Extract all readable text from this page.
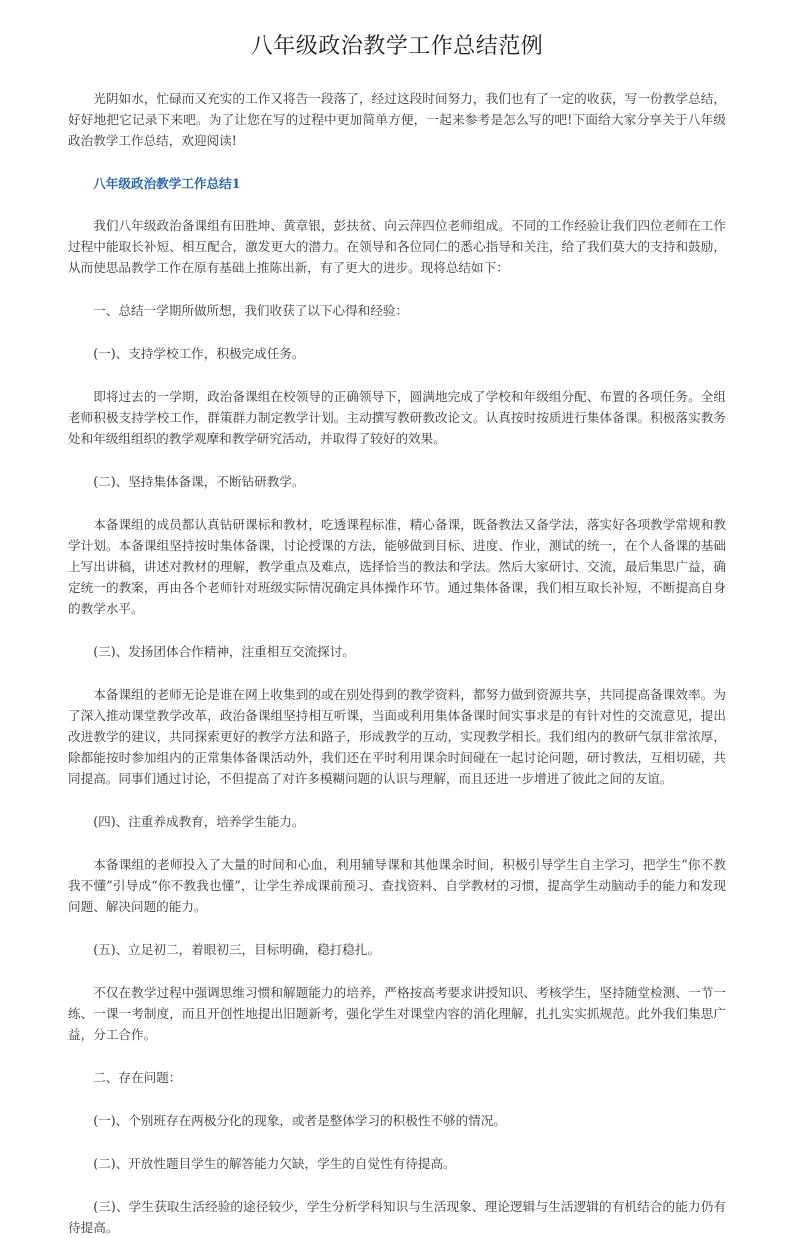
八年级政治教学工作总结范例

光阴如水，忙碌而又充实的工作又将告一段落了，经过这段时间努力，我们也有了一定的收获，写一份教学总结，好好地把它记录下来吧。为了让您在写的过程中更加简单方便，一起来参考是怎么写的吧!下面给大家分享关于八年级政治教学工作总结，欢迎阅读!

八年级政治教学工作总结1

我们八年级政治备课组有田胜坤、黄章银，彭扶贫、向云萍四位老师组成。不同的工作经验让我们四位老师在工作过程中能取长补短、相互配合，激发更大的潜力。在领导和各位同仁的悉心指导和关注，给了我们莫大的支持和鼓励，从而使思品教学工作在原有基础上推陈出新，有了更大的进步。现将总结如下：

一、总结一学期所做所想，我们收获了以下心得和经验：

(一)、支持学校工作，积极完成任务。

即将过去的一学期，政治备课组在校领导的正确领导下，圆满地完成了学校和年级组分配、布置的各项任务。全组老师积极支持学校工作，群策群力制定教学计划。主动撰写教研教改论文。认真按时按质进行集体备课。积极落实教务处和年级组组织的教学观摩和教学研究活动，并取得了较好的效果。

(二)、坚持集体备课，不断钻研教学。

本备课组的成员都认真钻研课标和教材，吃透课程标准，精心备课，既备教法又备学法，落实好各项教学常规和教学计划。本备课组坚持按时集体备课，讨论授课的方法，能够做到目标、进度、作业，测试的统一，在个人备课的基础上写出讲稿，讲述对教材的理解，教学重点及难点，选择恰当的教法和学法。然后大家研讨、交流，最后集思广益，确定统一的教案，再由各个老师针对班级实际情况确定具体操作环节。通过集体备课，我们相互取长补短，不断提高自身的教学水平。

(三)、发扬团体合作精神，注重相互交流探讨。

本备课组的老师无论是谁在网上收集到的或在别处得到的教学资料，都努力做到资源共享，共同提高备课效率。为了深入推动课堂教学改革，政治备课组坚持相互听课，当面或利用集体备课时间实事求是的有针对性的交流意见，提出改进教学的建议，共同探索更好的教学方法和路子，形成教学的互动，实现教学相长。我们组内的教研气氛非常浓厚，除都能按时参加组内的正常集体备课活动外，我们还在平时利用课余时间碰在一起讨论问题，研讨教法，互相切磋，共同提高。同事们通过讨论，不但提高了对许多模糊问题的认识与理解，而且还进一步增进了彼此之间的友谊。

(四)、注重养成教育，培养学生能力。

本备课组的老师投入了大量的时间和心血，利用辅导课和其他课余时间，积极引导学生自主学习，把学生“你不教我不懂”引导成“你不教我也懂”，让学生养成课前预习、查找资料、自学教材的习惯，提高学生动脑动手的能力和发现问题、解决问题的能力。

(五)、立足初二，着眼初三，目标明确，稳打稳扎。

不仅在教学过程中强调思维习惯和解题能力的培养，严格按高考要求讲授知识、考核学生，坚持随堂检测、一节一练、一课一考制度，而且开创性地提出旧题新考，强化学生对课堂内容的消化理解，扎扎实实抓规范。此外我们集思广益，分工合作。

二、存在问题：

(一)、个别班存在两极分化的现象，或者是整体学习的积极性不够的情况。

(二)、开放性题目学生的解答能力欠缺，学生的自觉性有待提高。

(三)、学生获取生活经验的途径较少，学生分析学科知识与生活现象、理论逻辑与生活逻辑的有机结合的能力仍有待提高。
